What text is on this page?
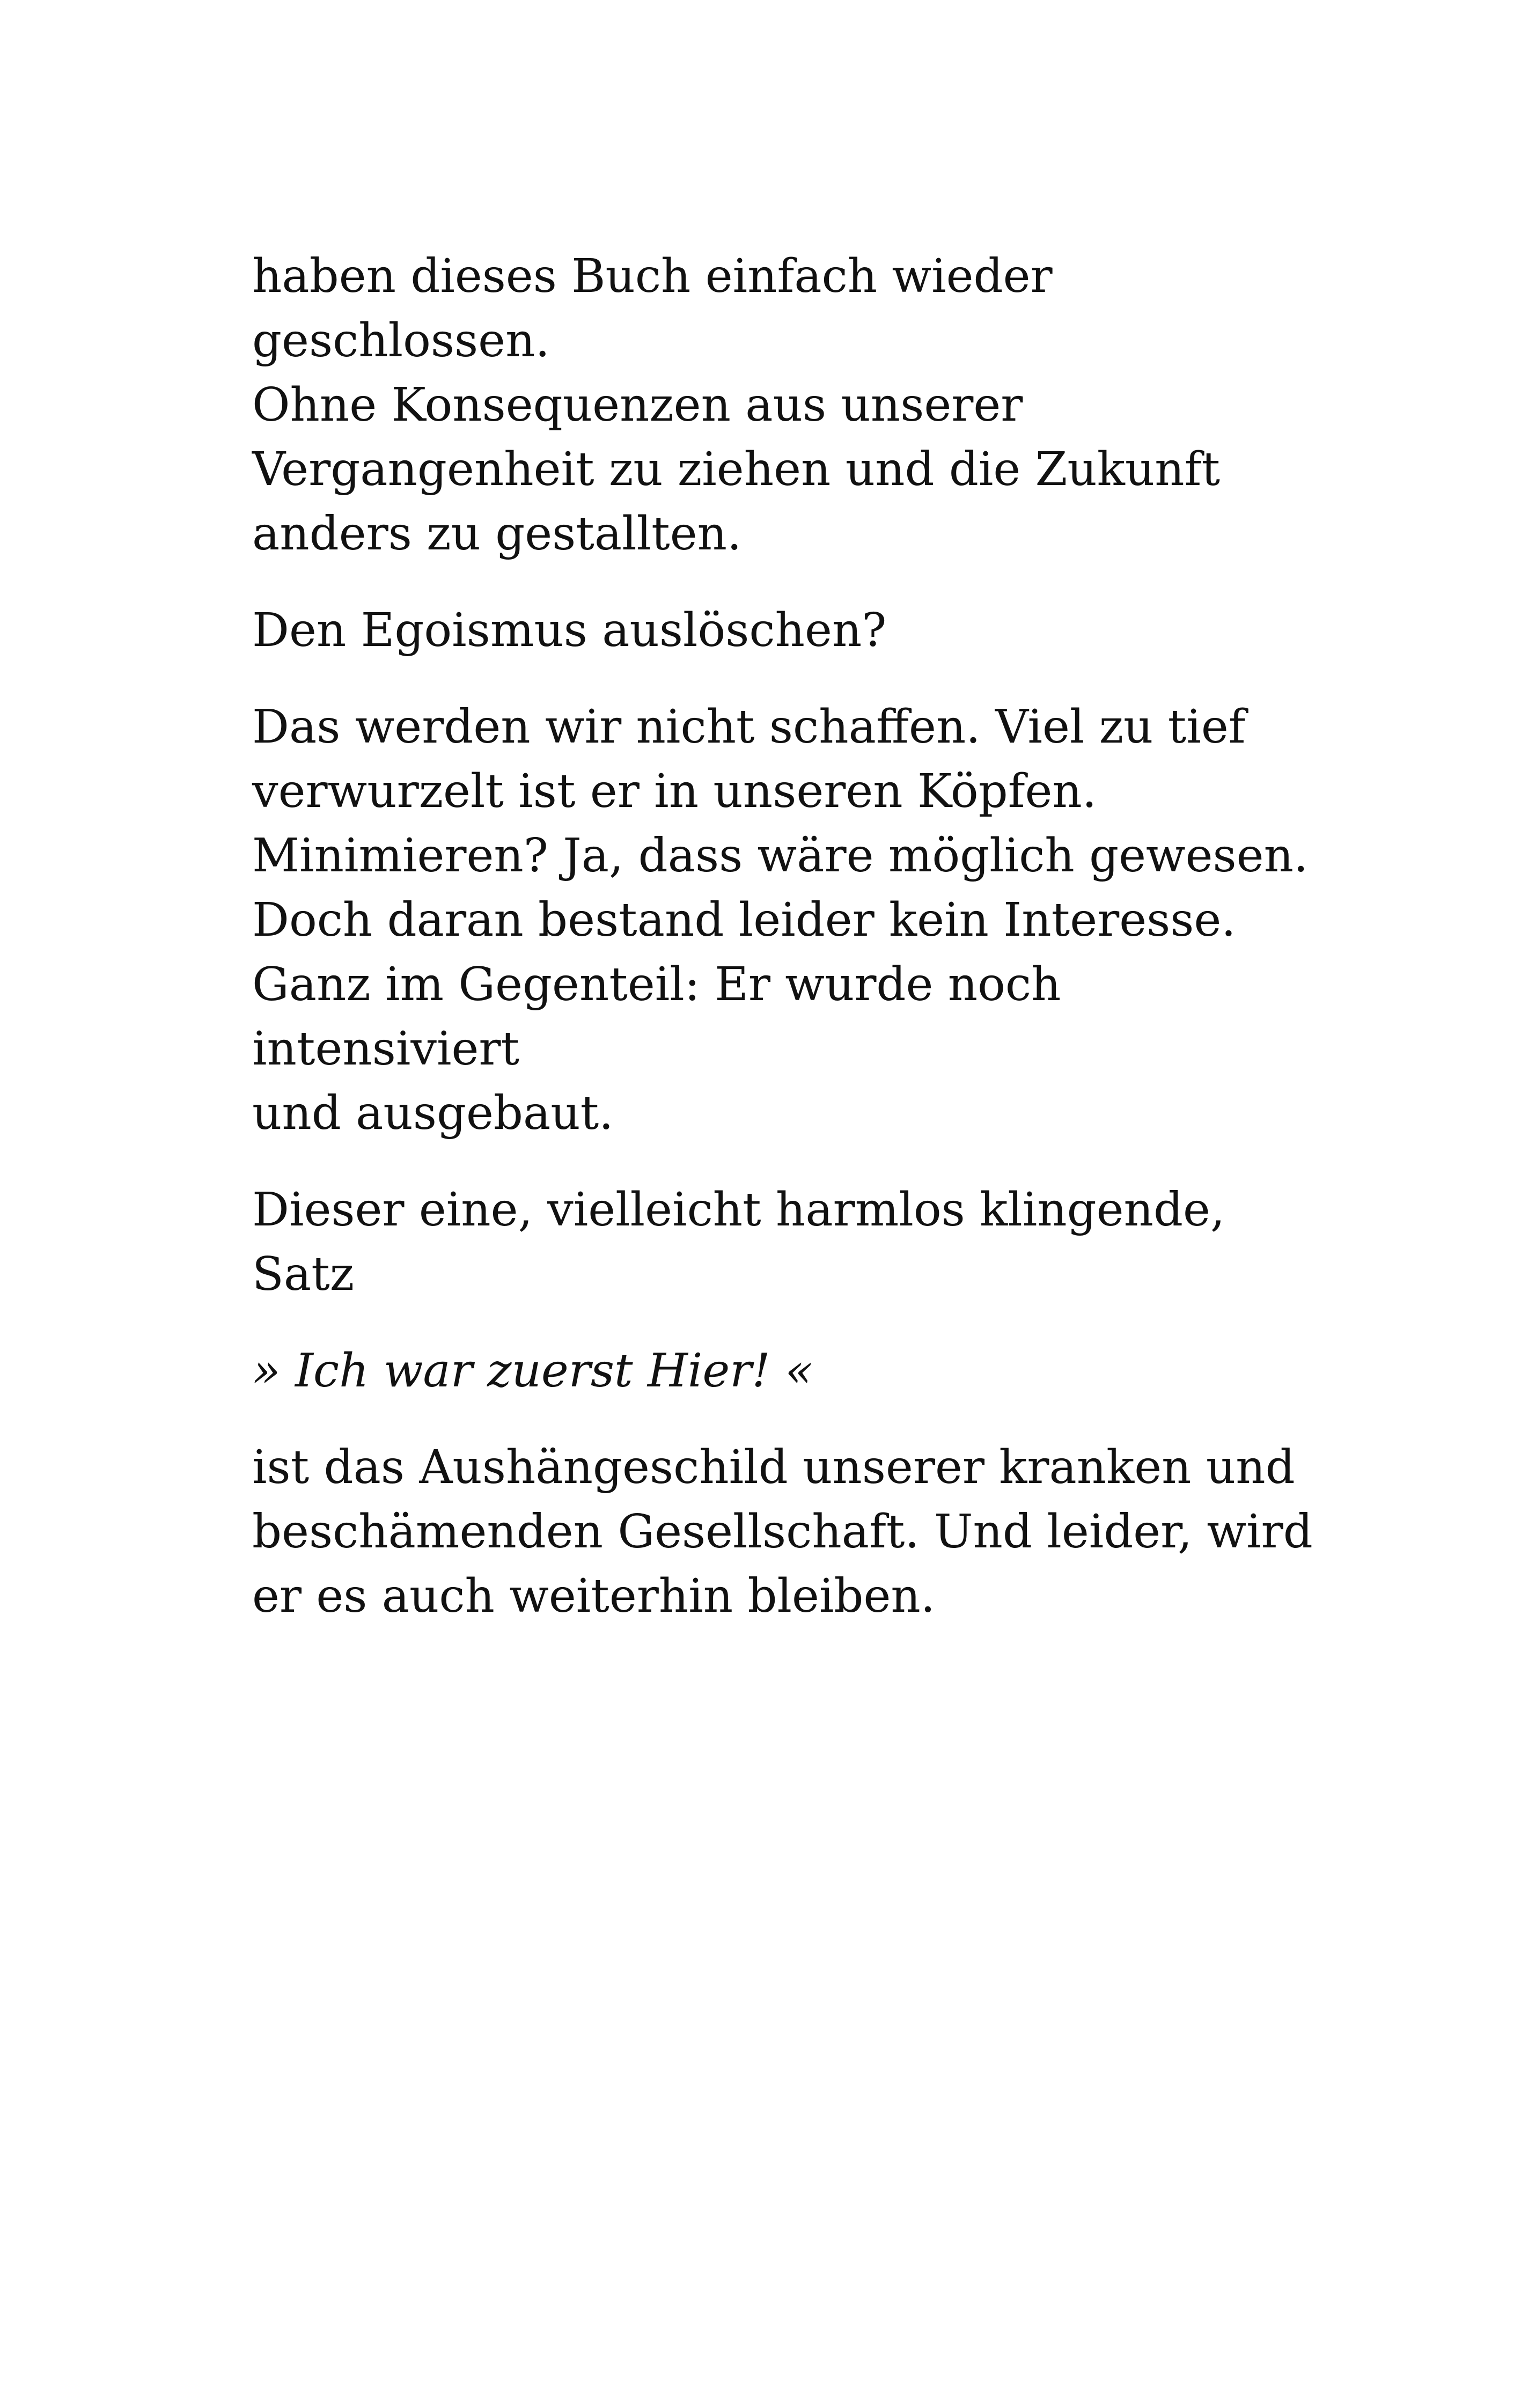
haben dieses Buch einfach wieder geschlossen.
Ohne Konsequenzen aus unserer
Vergangenheit zu ziehen und die Zukunft
anders zu gestallten.

Den Egoismus auslöschen?

Das werden wir nicht schaffen. Viel zu tief
verwurzelt ist er in unseren Köpfen.
Minimieren? Ja, dass wäre möglich gewesen.
Doch daran bestand leider kein Interesse.
Ganz im Gegenteil: Er wurde noch intensiviert
und ausgebaut.

Dieser eine, vielleicht harmlos klingende, Satz

» Ich war zuerst Hier! «

ist das Aushängeschild unserer kranken und
beschämenden Gesellschaft. Und leider, wird
er es auch weiterhin bleiben.
